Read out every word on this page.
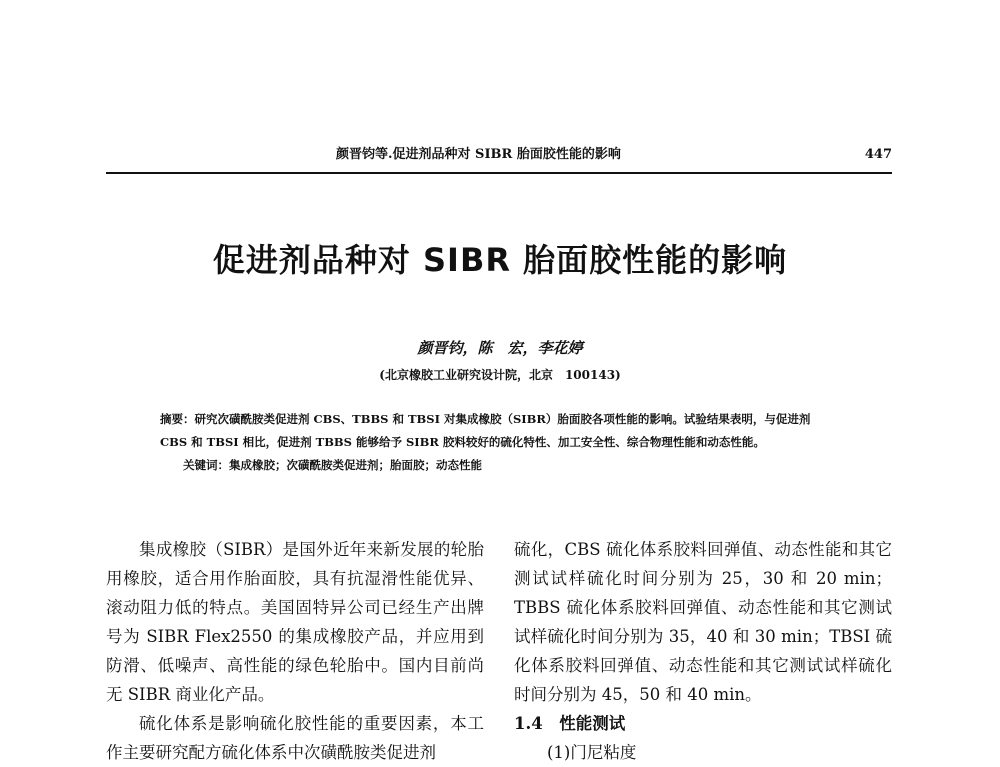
颜晋钧等.促进剂品种对 SIBR 胎面胶性能的影响	447
促进剂品种对 SIBR 胎面胶性能的影响
颜晋钧，陈　宏，李花婷
(北京橡胶工业研究设计院，北京　100143)

摘要：研究次磺酰胺类促进剂 CBS、TBBS 和 TBSI 对集成橡胶（SIBR）胎面胶各项性能的影响。试验结果表明，与促进剂 CBS 和 TBSI 相比，促进剂 TBBS 能够给予 SIBR 胶料较好的硫化特性、加工安全性、综合物理性能和动态性能。

　　关键词：集成橡胶；次磺酰胺类促进剂；胎面胶；动态性能

集成橡胶（SIBR）是国外近年来新发展的轮胎用橡胶，适合用作胎面胶，具有抗湿滑性能优异、滚动阻力低的特点。美国固特异公司已经生产出牌号为 SIBR Flex2550 的集成橡胶产品，并应用到防滑、低噪声、高性能的绿色轮胎中。国内目前尚无 SIBR 商业化产品。

硫化体系是影响硫化胶性能的重要因素，本工作主要研究配方硫化体系中次磺酰胺类促进剂

硫化，CBS 硫化体系胶料回弹值、动态性能和其它测试试样硫化时间分别为 25，30 和 20 min；TBBS 硫化体系胶料回弹值、动态性能和其它测试试样硫化时间分别为 35，40 和 30 min；TBSI 硫化体系胶料回弹值、动态性能和其它测试试样硫化时间分别为 45，50 和 40 min。

1.4　性能测试

(1)门尼粘度
